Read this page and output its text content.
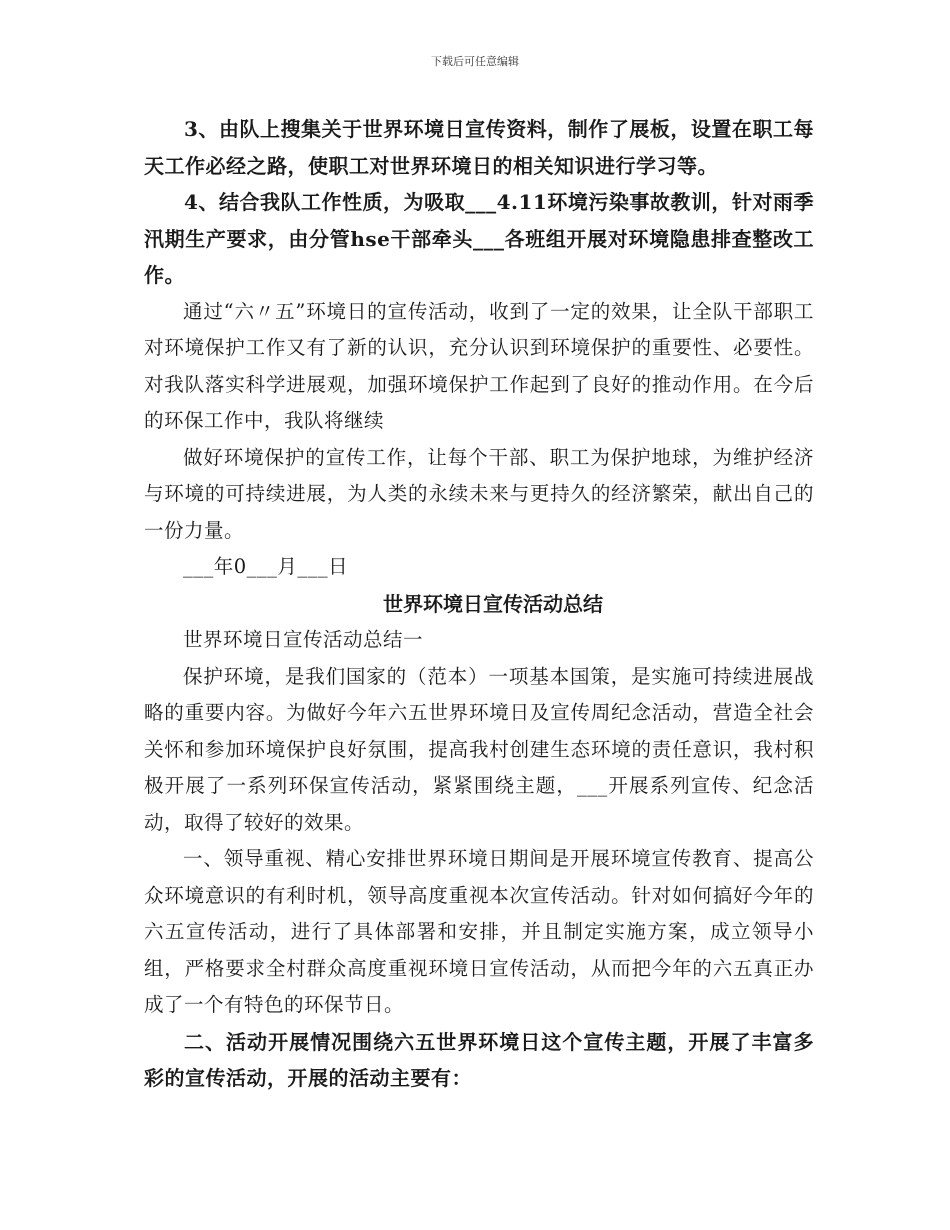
下载后可任意编辑

3、由队上搜集关于世界环境日宣传资料，制作了展板，设置在职工每天工作必经之路，使职工对世界环境日的相关知识进行学习等。

4、结合我队工作性质，为吸取___4.11环境污染事故教训，针对雨季汛期生产要求，由分管hse干部牵头___各班组开展对环境隐患排查整改工作。

通过“六〃五”环境日的宣传活动，收到了一定的效果，让全队干部职工对环境保护工作又有了新的认识，充分认识到环境保护的重要性、必要性。对我队落实科学进展观，加强环境保护工作起到了良好的推动作用。在今后的环保工作中，我队将继续

做好环境保护的宣传工作，让每个干部、职工为保护地球，为维护经济与环境的可持续进展，为人类的永续未来与更持久的经济繁荣，献出自己的一份力量。

___年0___月___日

世界环境日宣传活动总结

世界环境日宣传活动总结一

保护环境，是我们国家的（范本）一项基本国策，是实施可持续进展战略的重要内容。为做好今年六五世界环境日及宣传周纪念活动，营造全社会关怀和参加环境保护良好氛围，提高我村创建生态环境的责任意识，我村积极开展了一系列环保宣传活动，紧紧围绕主题，___开展系列宣传、纪念活动，取得了较好的效果。

一、领导重视、精心安排世界环境日期间是开展环境宣传教育、提高公众环境意识的有利时机，领导高度重视本次宣传活动。针对如何搞好今年的六五宣传活动，进行了具体部署和安排，并且制定实施方案，成立领导小组，严格要求全村群众高度重视环境日宣传活动，从而把今年的六五真正办成了一个有特色的环保节日。

二、活动开展情况围绕六五世界环境日这个宣传主题，开展了丰富多彩的宣传活动，开展的活动主要有：
